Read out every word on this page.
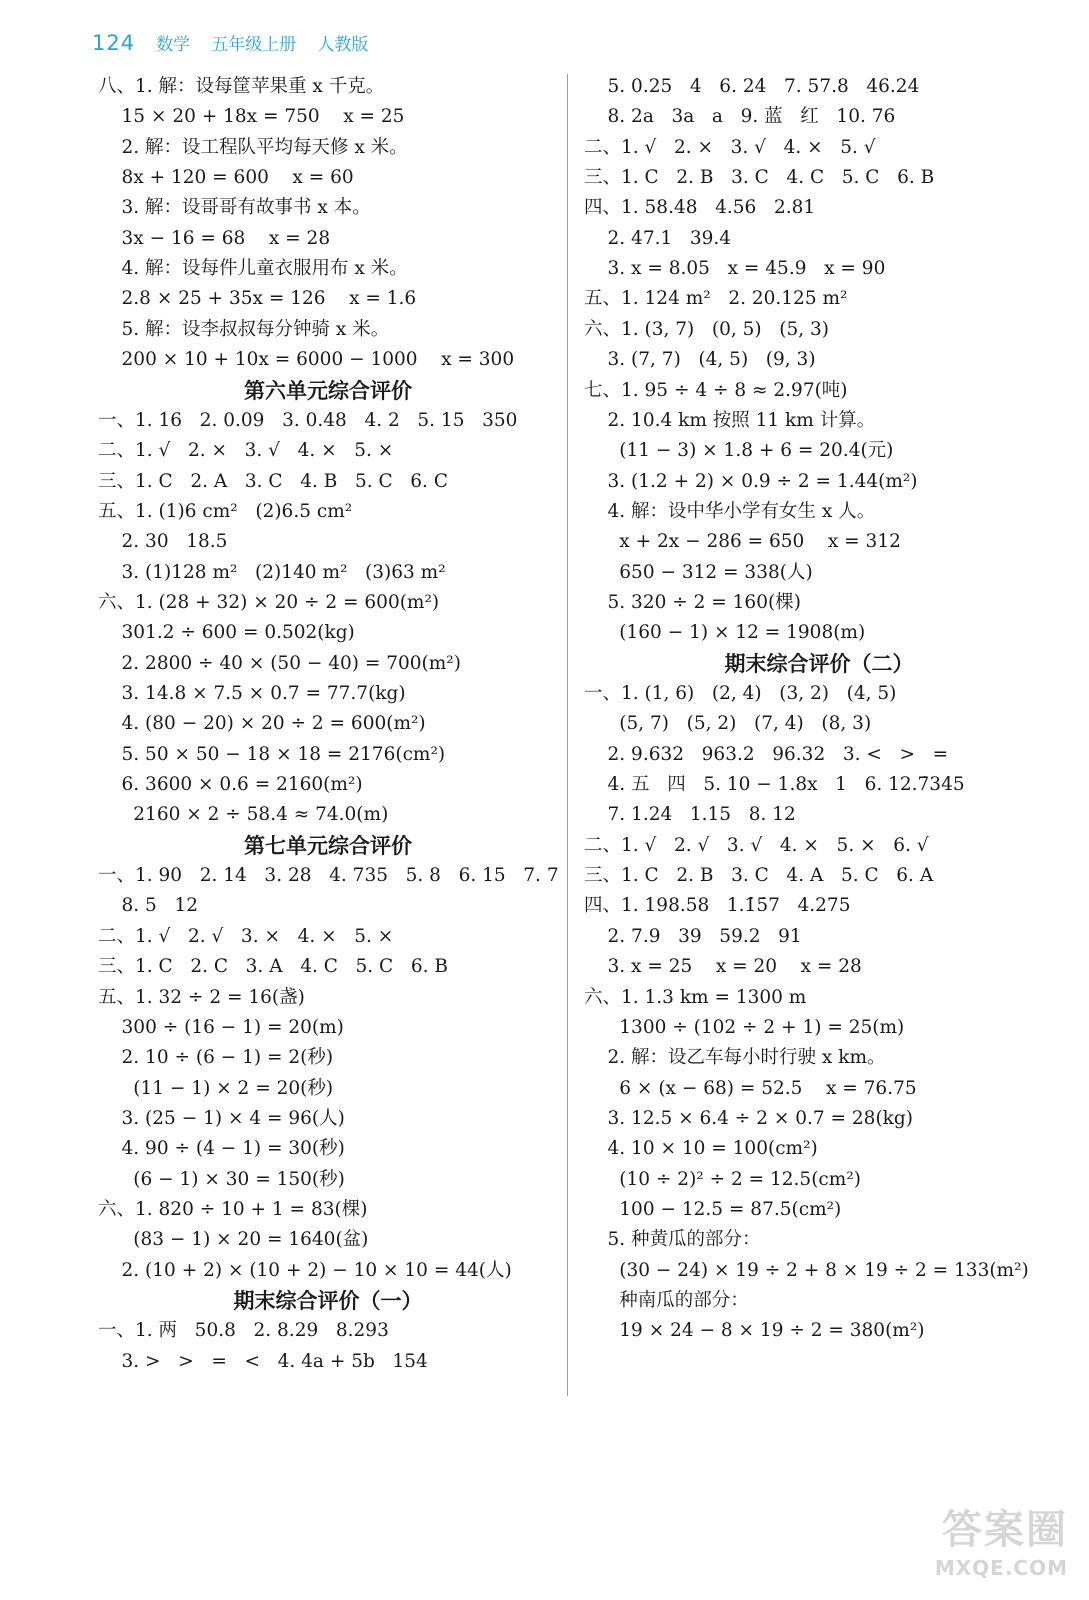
124 数学 五年级上册 人教版
八、1. 解：设每筐苹果重 x 千克。
15 × 20 + 18x = 750    x = 25
2. 解：设工程队平均每天修 x 米。
8x + 120 = 600    x = 60
3. 解：设哥哥有故事书 x 本。
3x − 16 = 68    x = 28
4. 解：设每件儿童衣服用布 x 米。
2.8 × 25 + 35x = 126    x = 1.6
5. 解：设李叔叔每分钟骑 x 米。
200 × 10 + 10x = 6000 − 1000    x = 300
第六单元综合评价
一、1. 16   2. 0.09   3. 0.48   4. 2   5. 15   350
二、1. √   2. ×   3. √   4. ×   5. ×
三、1. C   2. A   3. C   4. B   5. C   6. C
五、1. (1)6 cm²   (2)6.5 cm²
2. 30   18.5
3. (1)128 m²   (2)140 m²   (3)63 m²
六、1. (28 + 32) × 20 ÷ 2 = 600(m²)
301.2 ÷ 600 = 0.502(kg)
2. 2800 ÷ 40 × (50 − 40) = 700(m²)
3. 14.8 × 7.5 × 0.7 = 77.7(kg)
4. (80 − 20) × 20 ÷ 2 = 600(m²)
5. 50 × 50 − 18 × 18 = 2176(cm²)
6. 3600 × 0.6 = 2160(m²)
2160 × 2 ÷ 58.4 ≈ 74.0(m)
第七单元综合评价
一、1. 90   2. 14   3. 28   4. 735   5. 8   6. 15   7. 7
8. 5   12
二、1. √   2. √   3. ×   4. ×   5. ×
三、1. C   2. C   3. A   4. C   5. C   6. B
五、1. 32 ÷ 2 = 16(盏)
300 ÷ (16 − 1) = 20(m)
2. 10 ÷ (6 − 1) = 2(秒)
(11 − 1) × 2 = 20(秒)
3. (25 − 1) × 4 = 96(人)
4. 90 ÷ (4 − 1) = 30(秒)
(6 − 1) × 30 = 150(秒)
六、1. 820 ÷ 10 + 1 = 83(棵)
(83 − 1) × 20 = 1640(盆)
2. (10 + 2) × (10 + 2) − 10 × 10 = 44(人)
期末综合评价（一）
一、1. 两   50.8   2. 8.29   8.293
3. >   >   =   <   4. 4a + 5b   154
5. 0.25   4   6. 24   7. 57.8   46.24
8. 2a   3a   a   9. 蓝   红   10. 76
二、1. √   2. ×   3. √   4. ×   5. √
三、1. C   2. B   3. C   4. C   5. C   6. B
四、1. 58.48   4.56   2.81
2. 47.1   39.4
3. x = 8.05   x = 45.9   x = 90
五、1. 124 m²   2. 20.125 m²
六、1. (3, 7)   (0, 5)   (5, 3)
3. (7, 7)   (4, 5)   (9, 3)
七、1. 95 ÷ 4 ÷ 8 ≈ 2.97(吨)
2. 10.4 km 按照 11 km 计算。
(11 − 3) × 1.8 + 6 = 20.4(元)
3. (1.2 + 2) × 0.9 ÷ 2 = 1.44(m²)
4. 解：设中华小学有女生 x 人。
x + 2x − 286 = 650    x = 312
650 − 312 = 338(人)
5. 320 ÷ 2 = 160(棵)
(160 − 1) × 12 = 1908(m)
期末综合评价（二）
一、1. (1, 6)   (2, 4)   (3, 2)   (4, 5)
(5, 7)   (5, 2)   (7, 4)   (8, 3)
2. 9.632   963.2   96.32   3. <   >   =
4. 五   四   5. 10 − 1.8x   1   6. 12.7̇34̇5
7. 1.24   1.15   8. 12
二、1. √   2. √   3. √   4. ×   5. ×   6. √
三、1. C   2. B   3. C   4. A   5. C   6. A
四、1. 198.58   1.1̇5̇7   4.275
2. 7.9   39   59.2   91
3. x = 25    x = 20    x = 28
六、1. 1.3 km = 1300 m
1300 ÷ (102 ÷ 2 + 1) = 25(m)
2. 解：设乙车每小时行驶 x km。
6 × (x − 68) = 52.5    x = 76.75
3. 12.5 × 6.4 ÷ 2 × 0.7 = 28(kg)
4. 10 × 10 = 100(cm²)
(10 ÷ 2)² ÷ 2 = 12.5(cm²)
100 − 12.5 = 87.5(cm²)
5. 种黄瓜的部分：
(30 − 24) × 19 ÷ 2 + 8 × 19 ÷ 2 = 133(m²)
种南瓜的部分：
19 × 24 − 8 × 19 ÷ 2 = 380(m²)
答案圈
MXQE.COM
